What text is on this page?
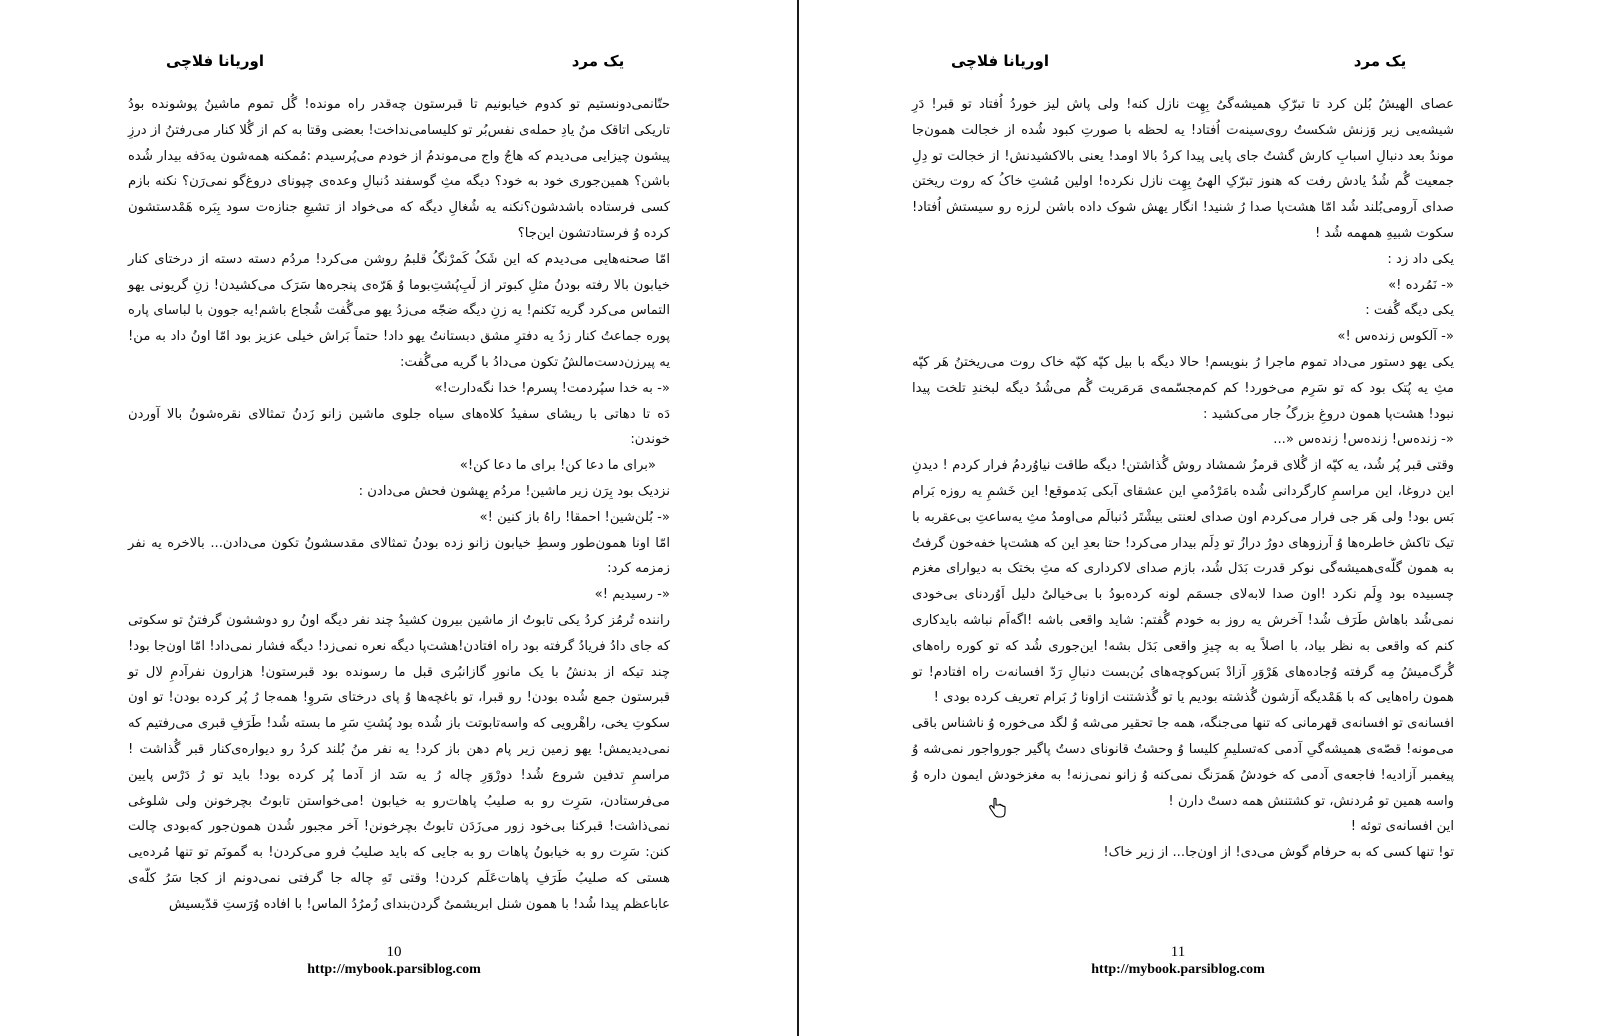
یک مرد
اوریانا فلاچی

حتّانمی‌دونستیم تو کدوم خیابونیم تا قبرستون چه‌قدر راه مونده! گُل تموم ماشینُ پوشونده بودُ تاریکی اتاقک منُ یادِ حمله‌ی نفس‌بُر تو کلیسامی‌نداخت! بعضی وقتا به کم از گُلا کنار می‌رفتنُ از درزِ پیشون چیزایی می‌دیدم که هاجُ واج می‌موندمُ از خودم می‌پُرسیدم :مُمکنه همه‌شون یه‌دَفه بیدار شُده باشن؟ همین‌جوری خود به خود؟ دیگه مثِ گوسفند دُنبالِ وعده‌ی چپونای دروغ‌گو نمی‌رَن؟ نکنه بازم کسی فرستاده باشدشون؟نکنه یه شُغالِ دیگه که می‌خواد از تشیعِ جنازه‌ت سود بِبَره هَمْدستشون کرده وُ فرستادتشون این‌جا؟

امّا صحنه‌هایی می‌دیدم که این شَکُ کَمرْنگُ قلبمُ روشن می‌کرد! مردُم دسته دسته از درختای کنار خیابون بالا رفته بودنُ مثلِ کبوتر از لَبِ‌پُشتِ‌بوما وُ هَرّه‌ی پنجره‌ها سَرَک می‌کشیدن! زنِ گریونی یهو التماس می‌کرد گریه نَکنم! یه زنِ دیگه ضجّه می‌زدُ یهو می‌گُفت شُجاع باشم!یه جوون با لباسای پاره پوره جماعتُ کنار زدُ یه دفترِ مشق دبستانتُ یهو داد! حتماً بَراش خیلی عزیز بود امّا اونُ داد به من! یه پیرزن‌دست‌مالشُ تکون می‌دادُ با گریه می‌گُفت:

«- به خدا سپُردمت! پسرم! خدا نگه‌دارت!»

دَه تا دهاتی با ریشای سفیدُ کلاه‌های سیاه جلوی ماشین زانو زَدنُ تمثالای نقره‌شونُ بالا آوردن خوندن:

«برای ما دعا کن! برای ما دعا کن!»

نزدیک بود بِرَن زیر ماشین! مردُم بِهشون فحش می‌دادن :

«- بُلن‌شین! احمقا! راهُ باز کنین !»

امّا اونا همون‌طور وسطِ خیابون زانو زده بودنُ تمثالای مقدسشونُ تکون می‌دادن... بالاخره یه نفر زمزمه کرد:

«- رسیدیم !»

راننده تُرمُز کردُ یکی تابوتُ از ماشین بیرون کشیدُ چند نفر دیگه اونُ رو دوششون گرفتنُ تو سکوتی که جای دادُ فریادُ گرفته بود راه افتادن!هشت‌پا دیگه نعره نمی‌زد! دیگه فشار نمی‌داد! امّا اون‌جا بود! چند تیکه از بدنشُ با یک مانورِ گازانبُری قبل ما رسونده بود قبرستون! هزارون نفرآدمِ لال تو قبرستون جمع شُده بودن! رو قبرا، تو باغچه‌ها وُ پای درختای سَروِ! همه‌جا رُ پُر کرده بودن! تو اون سکوتِ یخی، راهْرویی که واسه‌تابوتت باز شُده بود پُشتِ سَرِ ما بسته شُد! طَرَفِ قبری می‌رفتیم که نمی‌دیدیمش! یهو زمین زیر پام دهن باز کرد! یه نفر منُ بُلند کردُ رو دیواره‌ی‌کنار قبر گُذاشت !مراسمِ تدفین شروع شُد! دورْوَرِ چاله رُ یه سَد از آدما پُر کرده بود! باید تو رُ دَرْس پایین می‌فرستادن، سَرِت رو به صلیبُ پاهات‌رو به خیابون !می‌خواستن تابوتُ بچرخونن ولی شلوغی نمی‌ذاشت! قبرکنا بی‌خود زور می‌زَدَن تابوتُ بچرخونن! آخر مجبور شُدن همون‌جور که‌بودی چالت کنن: سَرِت رو به خیابونُ پاهات رو به جایی که باید صلیبُ فرو می‌کردن! به گمونَم تو تنها مُرده‌یی هستی که صلیبُ طَرَفِ پاهات‌عَلَم کردن! وقتی تَهِ چاله جا گرفتی نمی‌دونم از کجا سَرُ کلّه‌ی عاباعظم پیدا شُد! با همون شنل ابریشمیُ گردن‌بندای زُمرُدُ الماس! با افاده وُرَستِ قدّیسیش

10
http://mybook.parsiblog.com
یک مرد
اوریانا فلاچی

عصای الهیشُ بُلن کرد تا تبرّکِ همیشه‌گیُ بِهِت نازل کنه! ولی پاش لیز خوردُ اُفتاد تو قبر! دَرِ شیشه‌یی زیر وَزنش شکستُ روی‌سینه‌ت اُفتاد! یه لحظه با صورتِ کبود شُده از خجالت همون‌جا موندُ بعد دنبالِ اسبابِ کارش گشتُ جای پایی پیدا کردُ بالا اومد! یعنی بالاکشیدنش! از خجالت تو دِلِ جمعیت گُم شُدُ یادش رفت که هنوز تبرّکِ الهیُ بِهِت نازل نکرده! اولین مُشتِ خاکُ که روت ریختن صدای آرومی‌بُلند شُد امّا هشت‌پا صدا رُ شنید! انگار یهش شوک داده باشن لرزه رو سیستش اُفتاد! سکوت شبیهِ همهمه شُد !

یکی داد زد :

«- نَمُرده !»

یکی دیگه گُفت :

«- آلکوس زنده‌س !»

یکی یهو دستور می‌داد تموم ماجرا رُ بنویسم! حالا دیگه با بیل کپّه کپّه خاک روت می‌ریختنُ هَر کپّه مثِ یه پُتک بود که تو سَرِم می‌خورد! کم کم‌مجسّمه‌ی مَرمَریت گُم می‌شُدُ دیگه لبخندِ تلخت پیدا نبود! هشت‌پا همون دروغِ بزرگُ جار می‌کشید :

«- زنده‌س! زنده‌س! زنده‌س «...

وقتی قبر پُر شُد، یه کپّه از گُلای قرمزُ شمشاد روش گُذاشتن! دیگه طاقت نیاوُردمُ فرار کردم ! دیدنِ این دروغا، این مراسمِ کارگردانی شُده بامَرْدُمیِ این عشقای آبکی بَدموقع! این خَشمِ یه روزه بَرام بَس بود! ولی هَر جی فرار می‌کردم اون صدای لعنتی بیشْتَر دُنبالَم می‌اومدُ مثِ یه‌ساعتِ بی‌عقربه با تیک تاکش خاطره‌ها وُ آرزوهای دورُ درازُ تو دِلَم بیدار می‌کرد! حتا بعدِ این که هشت‌پا خفه‌خون گرفتُ به همون گلّه‌ی‌همیشه‌گی نوکر قدرت بَدَل شُد، بازم صدای لاکرداری که مثِ بختک به دیوارای مغزم چسبیده بود وِلَم نکرد !اون صدا لابه‌لای جسمَم لونه کرده‌بودُ با بی‌خیالیُ دلیل اَوُردنای بی‌خودی نمی‌شُد باهاش طَرَف شُد! آخرش یه روز به خودم گُفتم: شاید واقعی باشه !اگه‌اَم نباشه بایدکاری کنم که واقعی به نظر بیاد، با اصلاً یه به چیزِ واقعی بَدَل بشه! این‌جوری شُد که تو کوره راه‌های گُرگ‌میشُ مِه گرفته وُجاده‌های هَرْوَرِ آزادْ بَس‌کوچه‌های بُن‌بست دنبالِ رَدّ افسانه‌ت راه افتادم! تو همون راه‌هایی که با هَمْدیگه آزشون گُذشته بودیم یا تو گُذشتنت ازاونا رُ بَرام تعریف کرده بودی !

افسانه‌ی تو افسانه‌ی قهرمانی که تنها می‌جنگه، همه جا تحقیر می‌شه وُ لگد می‌خوره وُ ناشناس باقی می‌مونه! قصّه‌ی همیشه‌گیِ آدمی که‌تسلیمِ کلیسا وُ وحشتُ قانونای دستُ پاگیر جوروا‌جور نمی‌شه وُ پیغمبر آزادیه! فاجعه‌ی آدمی که خودشُ هَمرَنگ نمی‌کنه وُ زانو نمی‌زنه! به مغزخودش ایمون داره وُ واسه همین تو مُردنش، تو کشتنش همه دستْ دارن !

این افسانه‌ی توئه !

تو! تنها کسی که به حرفام گوش می‌دی! از اون‌جا... از زیر خاک!

11
http://mybook.parsiblog.com
